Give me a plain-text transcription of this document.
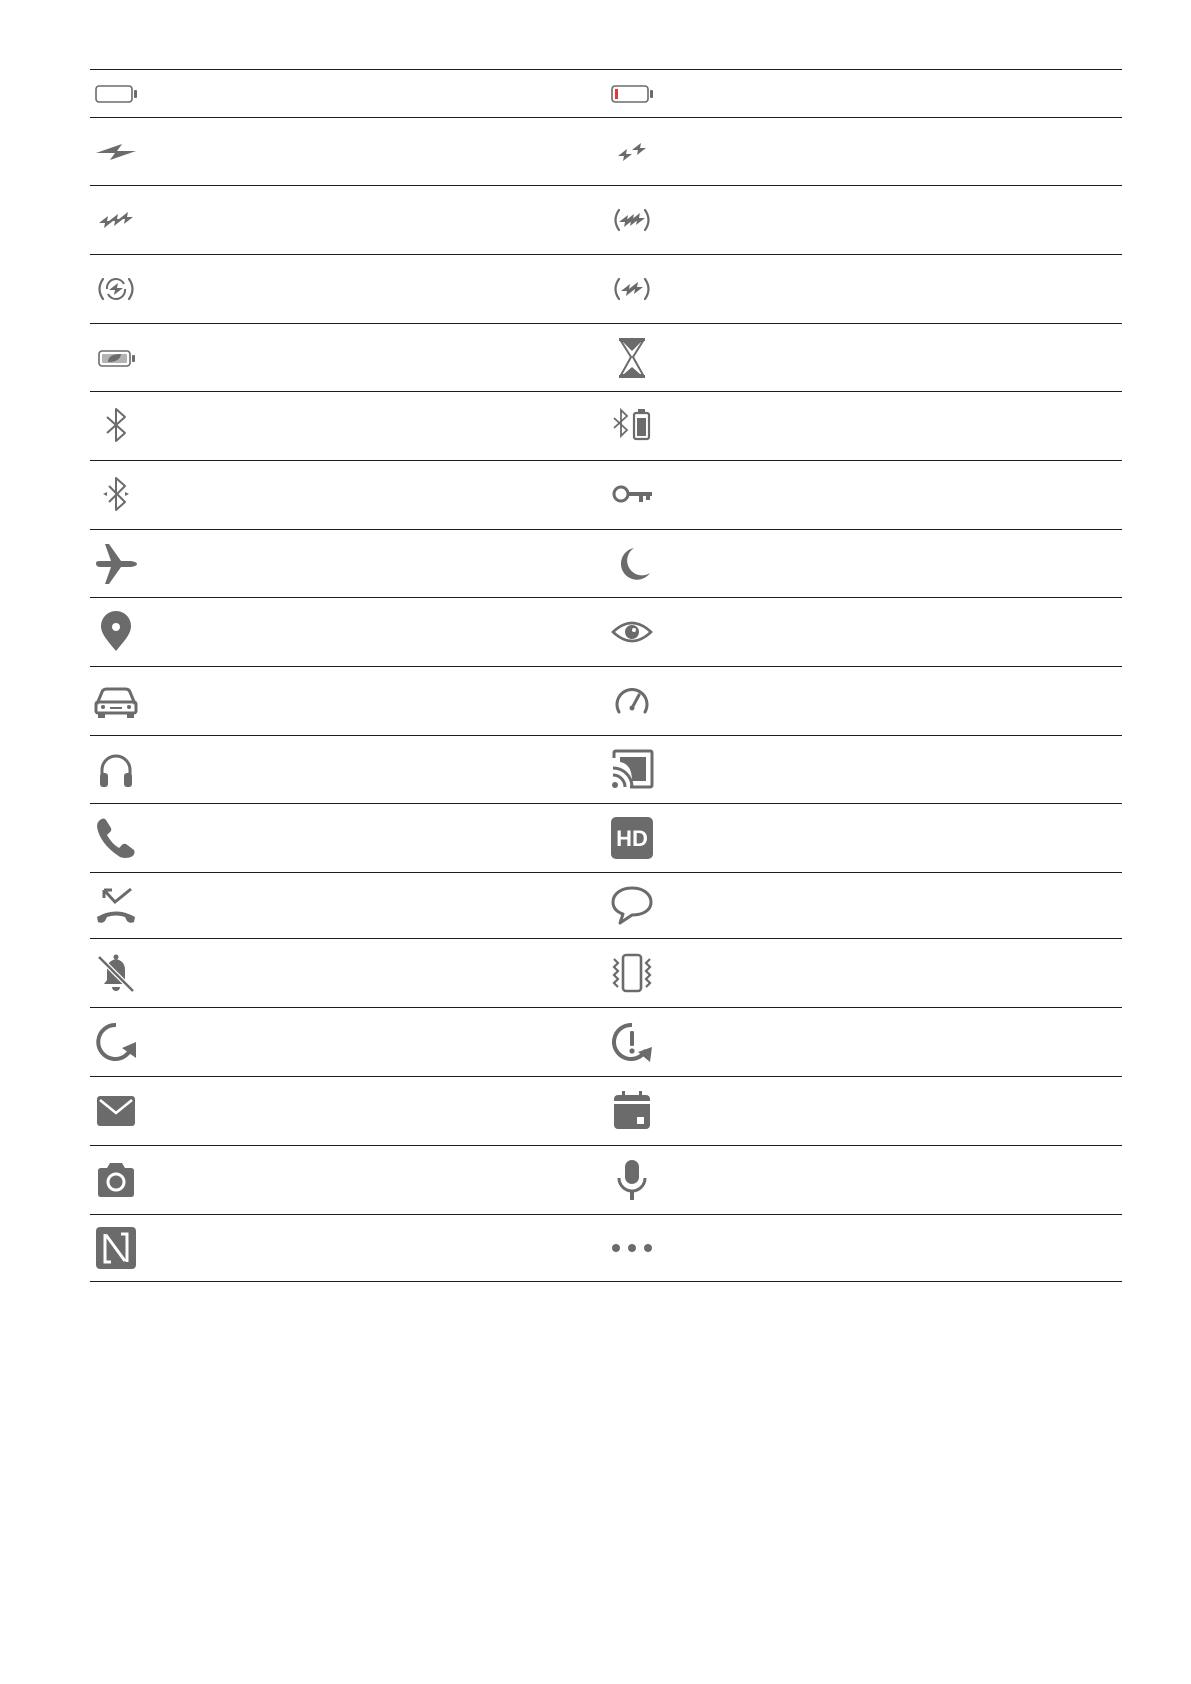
HD
